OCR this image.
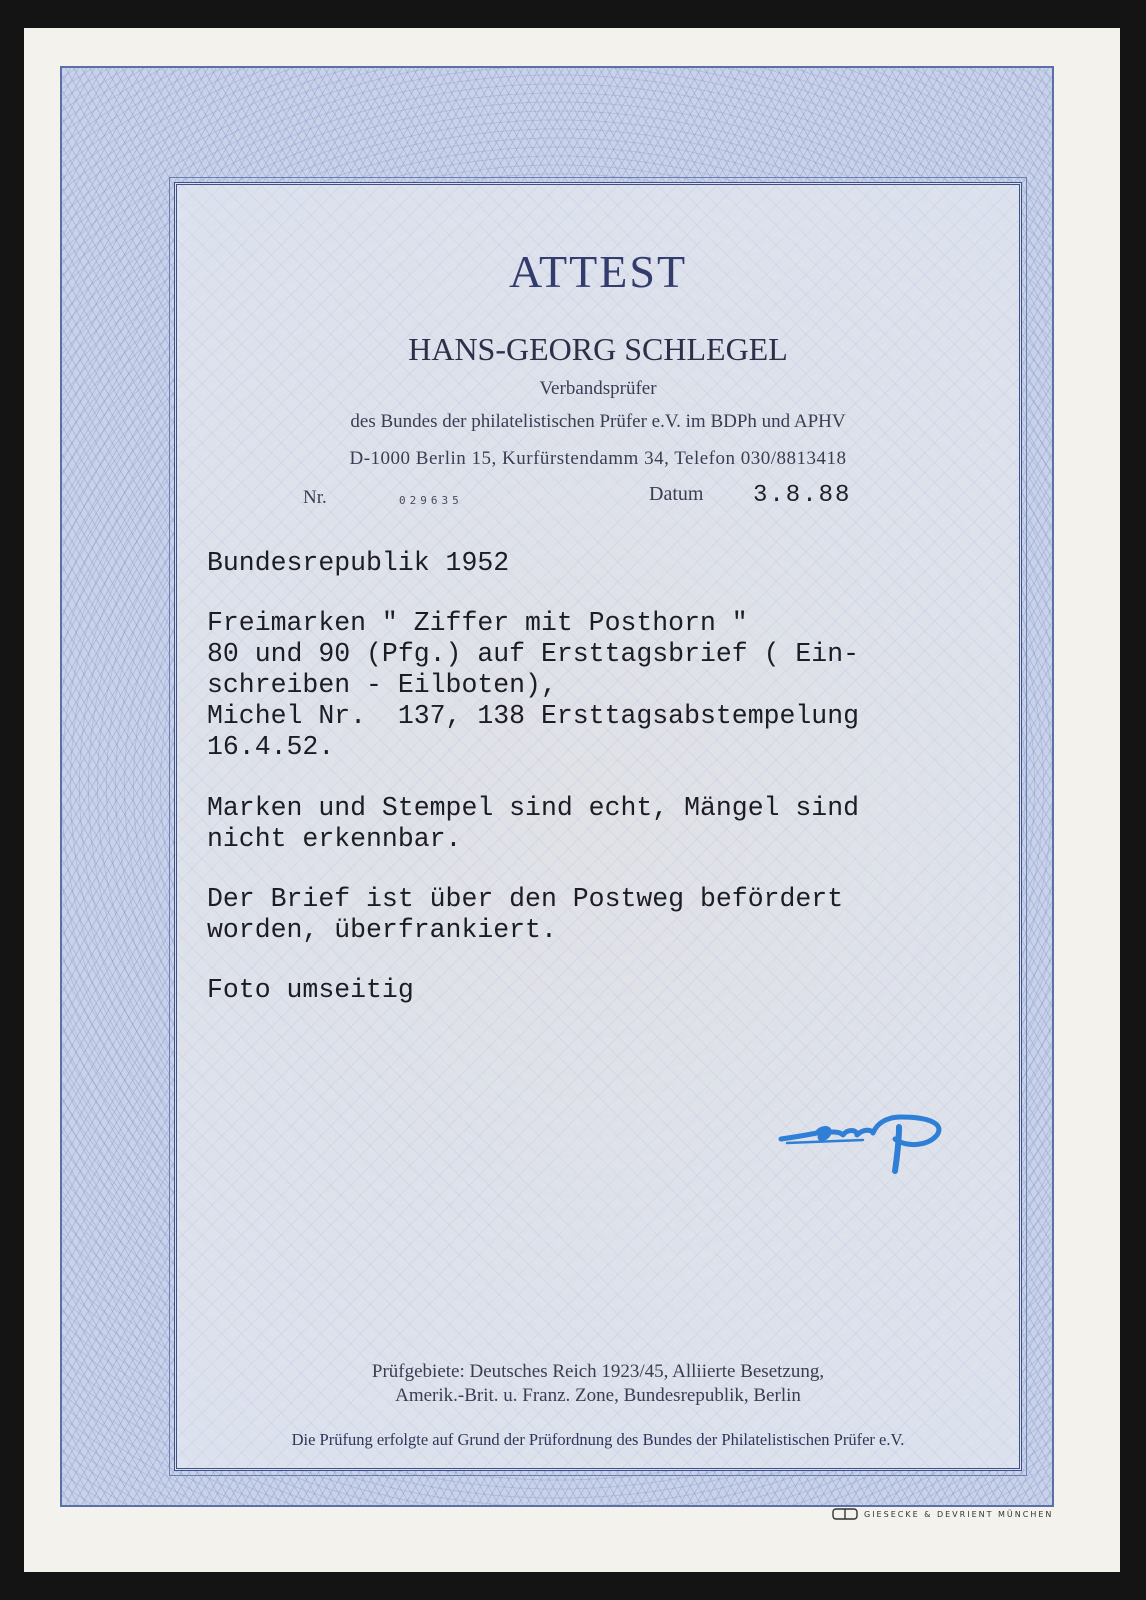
ATTEST
HANS-GEORG SCHLEGEL
Verbandsprüfer
des Bundes der philatelistischen Prüfer e.V. im BDPh und APHV
D-1000 Berlin 15, Kurfürstendamm 34, Telefon 030/8813418
Nr.	029635	Datum 3.8.88
Bundesrepublik 1952
Freimarken " Ziffer mit Posthorn "
80 und 90 (Pfg.) auf Ersttagsbrief ( Ein-
schreiben - Eilboten),
Michel Nr.  137, 138 Ersttagsabstempelung
16.4.52.
Marken und Stempel sind echt, Mängel sind
nicht erkennbar.
Der Brief ist über den Postweg befördert
worden, überfrankiert.
Foto umseitig
Prüfgebiete: Deutsches Reich 1923/45, Alliierte Besetzung,
Amerik.-Brit. u. Franz. Zone, Bundesrepublik, Berlin
Die Prüfung erfolgte auf Grund der Prüfordnung des Bundes der Philatelistischen Prüfer e.V.
GIESECKE & DEVRIENT MÜNCHEN
